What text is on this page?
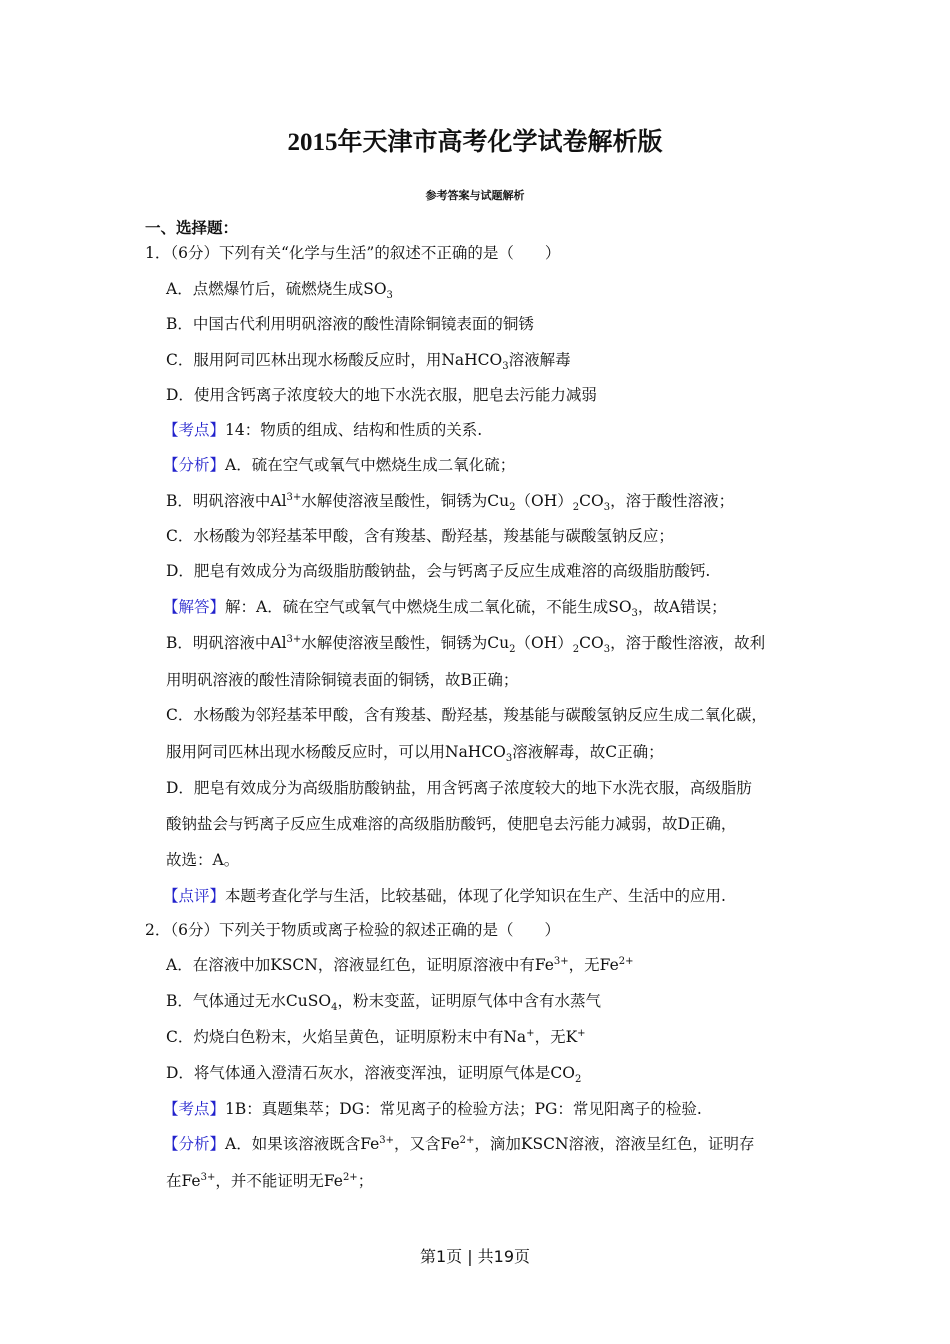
2015年天津市高考化学试卷解析版
参考答案与试题解析
一、选择题：
1．（6分）下列有关“化学与生活”的叙述不正确的是（　　）
A．点燃爆竹后，硫燃烧生成$SO_3$
B．中国古代利用明矾溶液的酸性清除铜镜表面的铜锈
C．服用阿司匹林出现水杨酸反应时，用NaHCO$_3$溶液解毒
D．使用含钙离子浓度较大的地下水洗衣服，肥皂去污能力减弱
【考点】14：物质的组成、结构和性质的关系.
【分析】A．硫在空气或氧气中燃烧生成二氧化硫；
B．明矾溶液中$Al^{3+}$水解使溶液呈酸性，铜锈为$Cu_2(OH)_2CO_3$，溶于酸性溶液；
C．水杨酸为邻羟基苯甲酸，含有羧基、酚羟基，羧基能与碳酸氢钠反应；
D．肥皂有效成分为高级脂肪酸钠盐，会与钙离子反应生成难溶的高级脂肪酸钙.
【解答】解：A．硫在空气或氧气中燃烧生成二氧化硫，不能生成$SO_3$，故A错误；
B．明矾溶液中$Al^{3+}$水解使溶液呈酸性，铜锈为$Cu_2(OH)_2CO_3$，溶于酸性溶液，故利
用明矾溶液的酸性清除铜镜表面的铜锈，故B正确；
C．水杨酸为邻羟基苯甲酸，含有羧基、酚羟基，羧基能与碳酸氢钠反应生成二氧化碳，
服用阿司匹林出现水杨酸反应时，可以用NaHCO$_3$溶液解毒，故C正确；
D．肥皂有效成分为高级脂肪酸钠盐，用含钙离子浓度较大的地下水洗衣服，高级脂肪
酸钠盐会与钙离子反应生成难溶的高级脂肪酸钙，使肥皂去污能力减弱，故D正确，
故选：A。
【点评】本题考查化学与生活，比较基础，体现了化学知识在生产、生活中的应用.
2．（6分）下列关于物质或离子检验的叙述正确的是（　　）
A．在溶液中加KSCN，溶液显红色，证明原溶液中有$Fe^{3+}$，无$Fe^{2+}$
B．气体通过无水CuSO$_4$，粉末变蓝，证明原气体中含有水蒸气
C．灼烧白色粉末，火焰呈黄色，证明原粉末中有Na+，无K+
D．将气体通入澄清石灰水，溶液变浑浊，证明原气体是$CO_2$
【考点】1B：真题集萃；DG：常见离子的检验方法；PG：常见阳离子的检验.
【分析】A．如果该溶液既含$Fe^{3+}$，又含$Fe^{2+}$，滴加KSCN溶液，溶液呈红色，证明存
在$Fe^{3+}$，并不能证明无$Fe^{2+}$；
第1页 | 共19页
